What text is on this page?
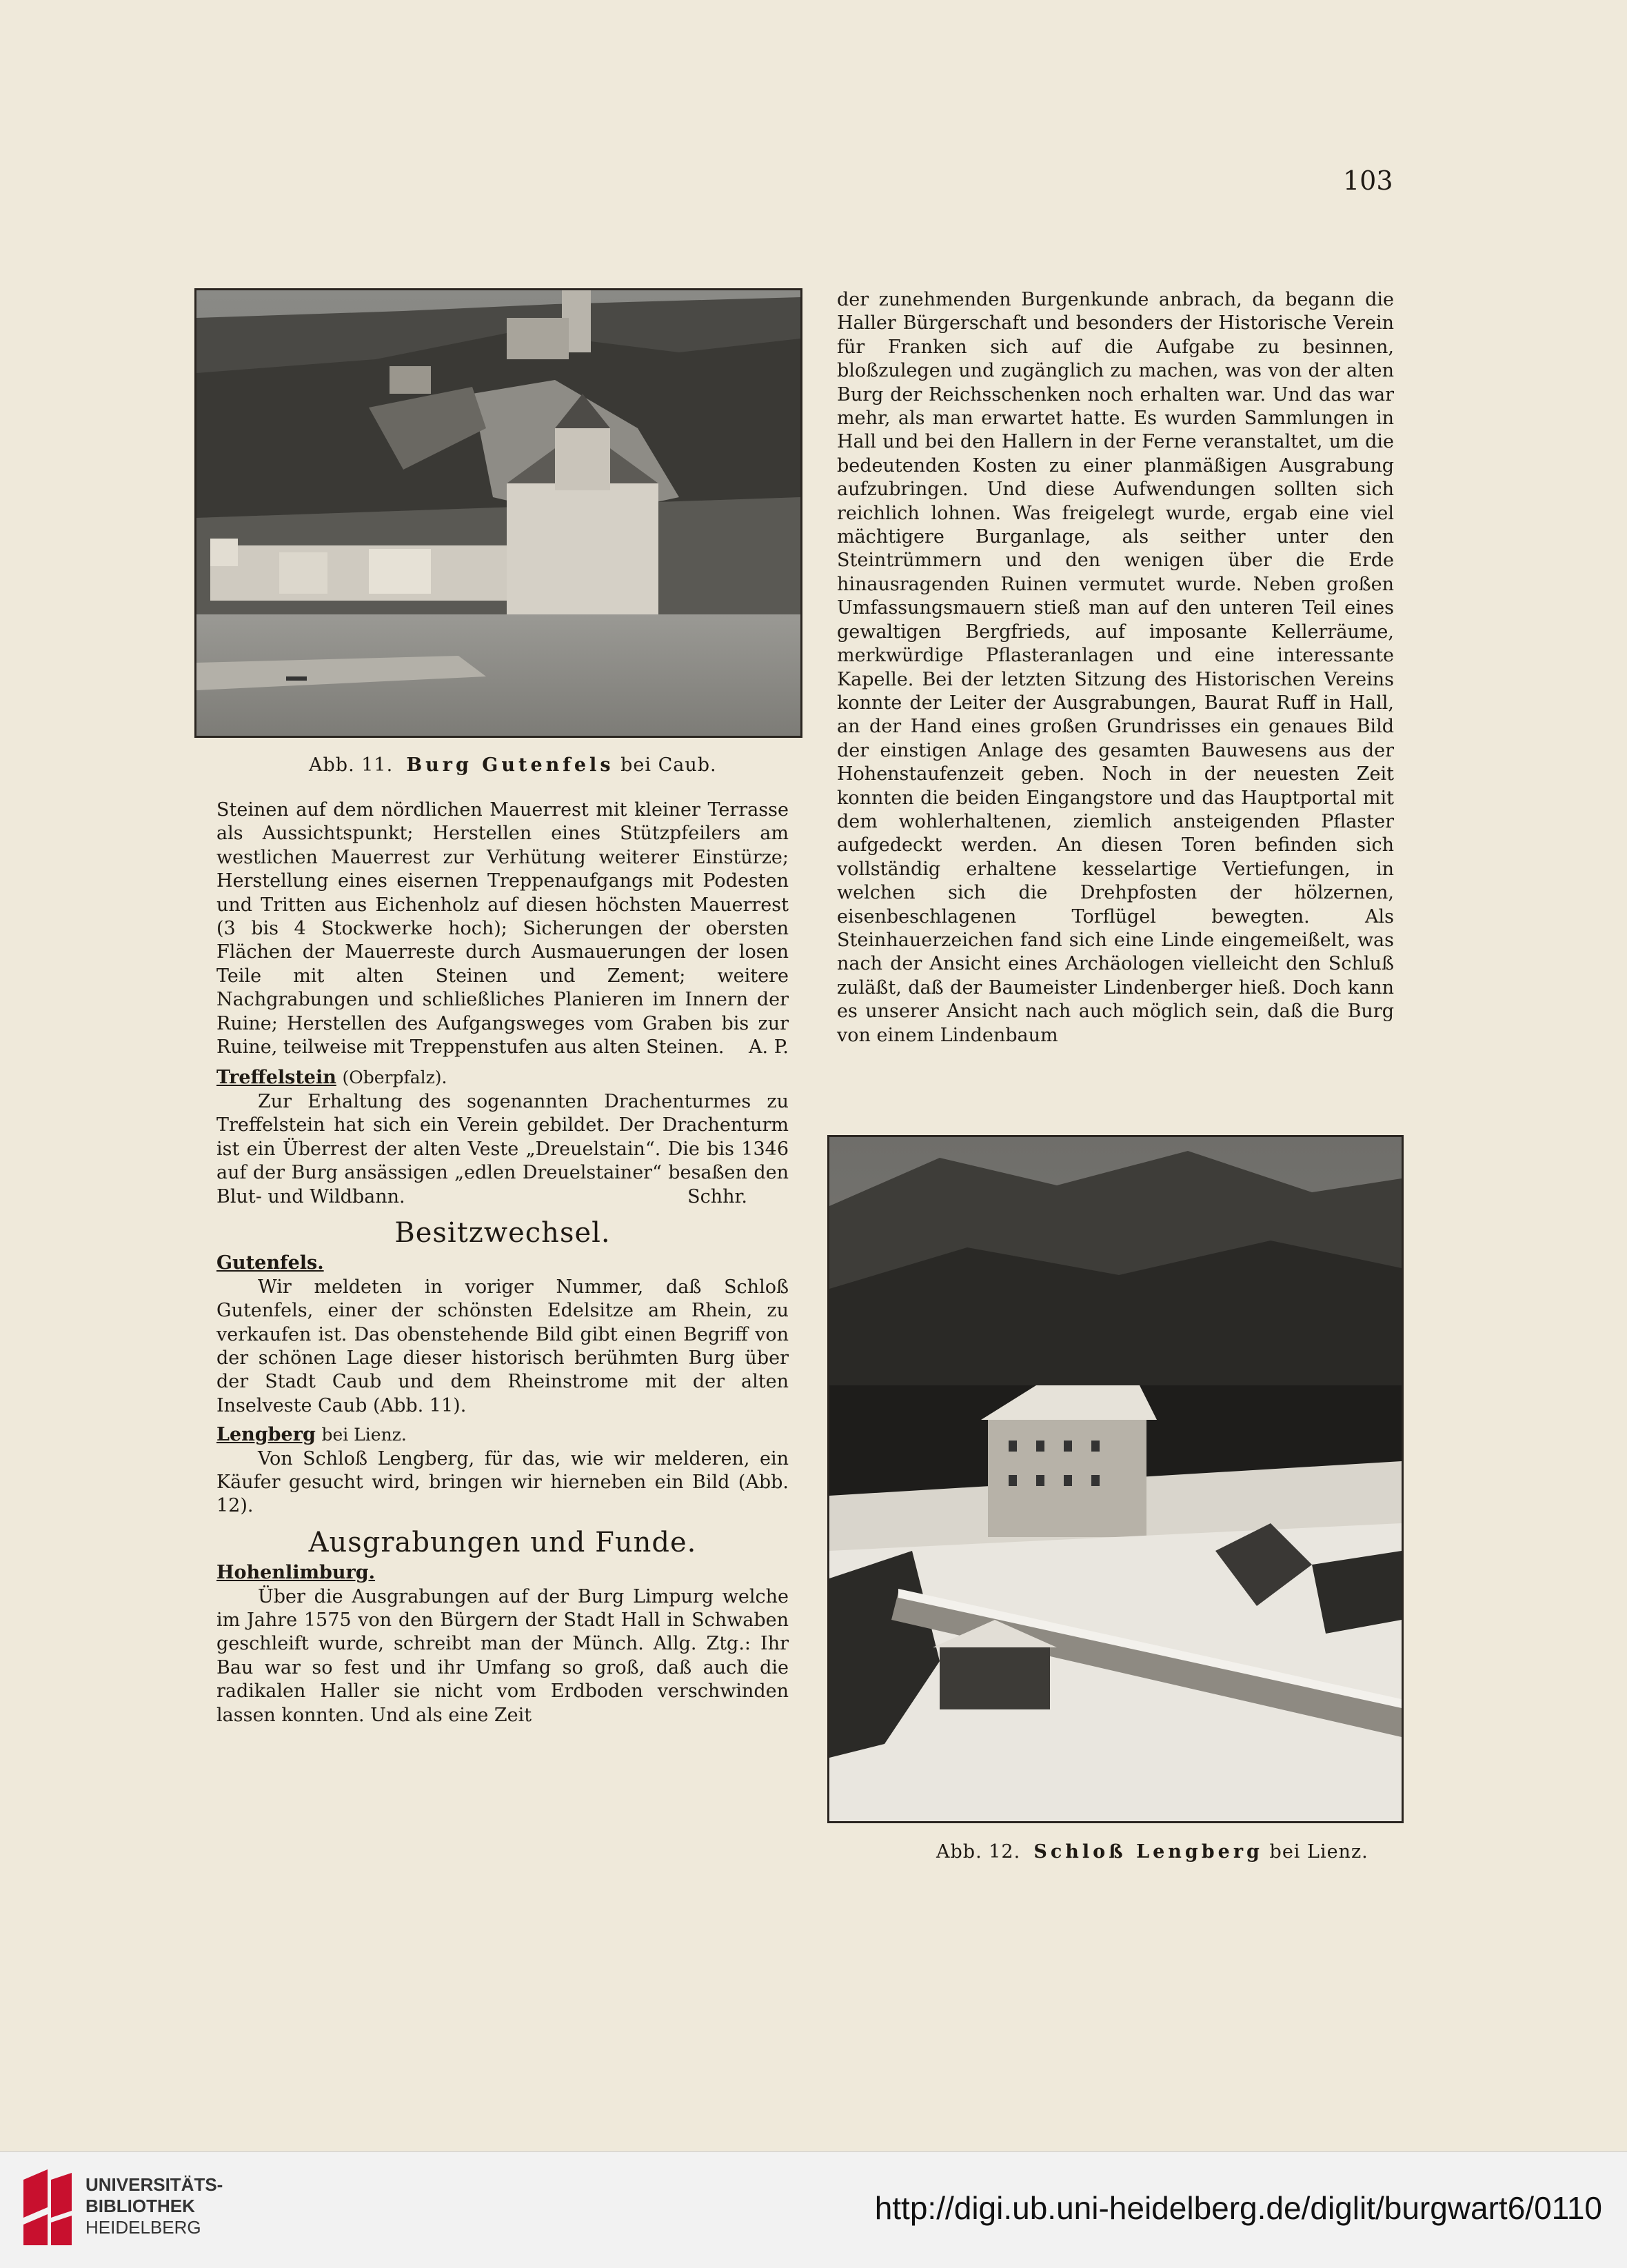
103
Abb. 11. Burg Gutenfels bei Caub.

Steinen auf dem nördlichen Mauerrest mit kleiner Terrasse als Aussichtspunkt; Herstellen eines Stützpfeilers am westlichen Mauerrest zur Verhütung weiterer Einstürze; Herstellung eines eisernen Treppenaufgangs mit Podesten und Tritten aus Eichenholz auf diesen höchsten Mauerrest (3 bis 4 Stockwerke hoch); Sicherungen der obersten Flächen der Mauerreste durch Ausmauerungen der losen Teile mit alten Steinen und Zement; weitere Nachgrabungen und schließliches Planieren im Innern der Ruine; Herstellen des Aufgangsweges vom Graben bis zur Ruine, teilweise mit Treppenstufen aus alten Steinen. A. P.

Treffelstein (Oberpfalz).

Zur Erhaltung des sogenannten Drachenturmes zu Treffelstein hat sich ein Verein gebildet. Der Drachenturm ist ein Überrest der alten Veste „Dreuelstain“. Die bis 1346 auf der Burg ansässigen „edlen Dreuelstainer“ besaßen den Blut- und Wildbann.	Schhr.

Besitzwechsel.

Gutenfels.

Wir meldeten in voriger Nummer, daß Schloß Gutenfels, einer der schönsten Edelsitze am Rhein, zu verkaufen ist. Das obenstehende Bild gibt einen Begriff von der schönen Lage dieser historisch berühmten Burg über der Stadt Caub und dem Rheinstrome mit der alten Inselveste Caub (Abb. 11).

Lengberg bei Lienz.

Von Schloß Lengberg, für das, wie wir melderen, ein Käufer gesucht wird, bringen wir hierneben ein Bild (Abb. 12).

Ausgrabungen und Funde.

Hohenlimburg.

Über die Ausgrabungen auf der Burg Limpurg welche im Jahre 1575 von den Bürgern der Stadt Hall in Schwaben geschleift wurde, schreibt man der Münch. Allg. Ztg.: Ihr Bau war so fest und ihr Umfang so groß, daß auch die radikalen Haller sie nicht vom Erdboden verschwinden lassen konnten. Und als eine Zeit

der zunehmenden Burgenkunde anbrach, da begann die Haller Bürgerschaft und besonders der Historische Verein für Franken sich auf die Aufgabe zu besinnen, bloßzulegen und zugänglich zu machen, was von der alten Burg der Reichsschenken noch erhalten war. Und das war mehr, als man erwartet hatte. Es wurden Sammlungen in Hall und bei den Hallern in der Ferne veranstaltet, um die bedeutenden Kosten zu einer planmäßigen Ausgrabung aufzubringen. Und diese Aufwendungen sollten sich reichlich lohnen. Was freigelegt wurde, ergab eine viel mächtigere Burganlage, als seither unter den Steintrümmern und den wenigen über die Erde hinausragenden Ruinen vermutet wurde. Neben großen Umfassungsmauern stieß man auf den unteren Teil eines gewaltigen Bergfrieds, auf imposante Kellerräume, merkwürdige Pflasteranlagen und eine interessante Kapelle. Bei der letzten Sitzung des Historischen Vereins konnte der Leiter der Ausgrabungen, Baurat Ruff in Hall, an der Hand eines großen Grundrisses ein genaues Bild der einstigen Anlage des gesamten Bauwesens aus der Hohenstaufenzeit geben. Noch in der neuesten Zeit konnten die beiden Eingangstore und das Hauptportal mit dem wohlerhaltenen, ziemlich ansteigenden Pflaster aufgedeckt werden. An diesen Toren befinden sich vollständig erhaltene kesselartige Vertiefungen, in welchen sich die Drehpfosten der hölzernen, eisenbeschlagenen Torflügel bewegten. Als Steinhauerzeichen fand sich eine Linde eingemeißelt, was nach der Ansicht eines Archäologen vielleicht den Schluß zuläßt, daß der Baumeister Lindenberger hieß. Doch kann es unserer Ansicht nach auch möglich sein, daß die Burg von einem Lindenbaum

Abb. 12. Schloß Lengberg bei Lienz.
UNIVERSITÄTS-
BIBLIOTHEK
HEIDELBERG
http://digi.ub.uni-heidelberg.de/diglit/burgwart6/0110
